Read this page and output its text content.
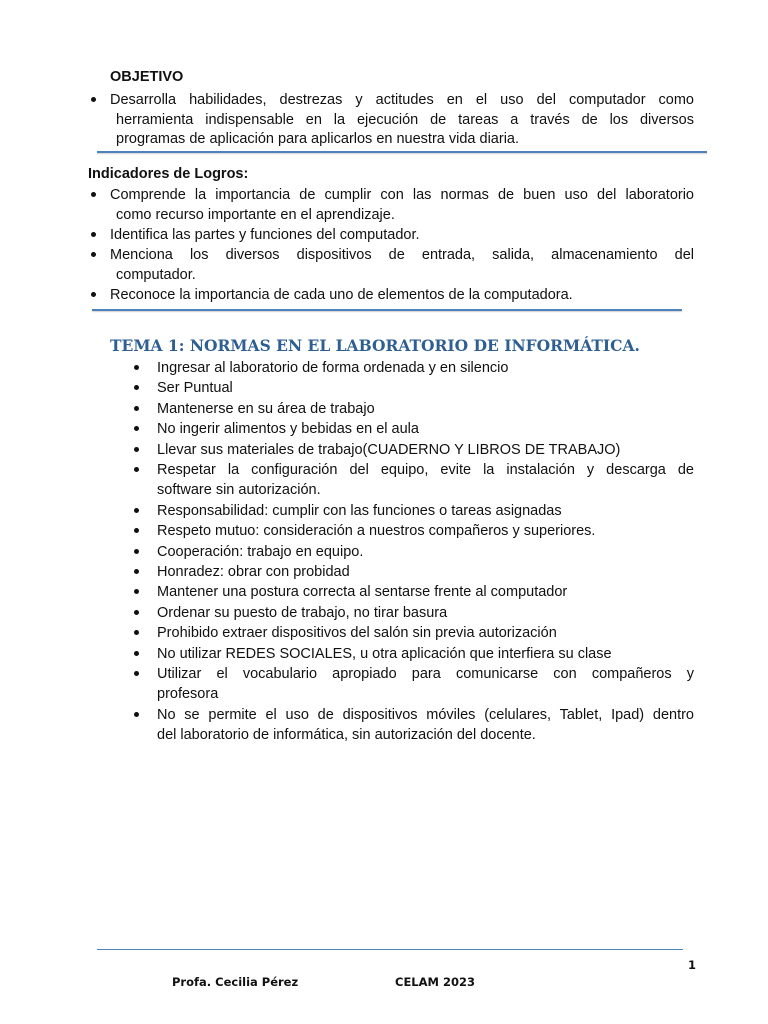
OBJETIVO
Desarrolla habilidades, destrezas y actitudes en el uso del computador como
herramienta indispensable en la ejecución de tareas a través de los diversos
programas de aplicación para aplicarlos en nuestra vida diaria.
Indicadores de Logros:
Comprende la importancia de cumplir con las normas de buen uso del laboratorio
como recurso importante en el aprendizaje.
Identifica las partes y funciones del computador.
Menciona los diversos dispositivos de entrada, salida, almacenamiento del
computador.
Reconoce la importancia de cada uno de elementos de la computadora.
TEMA 1: NORMAS EN EL LABORATORIO DE INFORMÁTICA.
Ingresar al laboratorio de forma ordenada y en silencio
Ser Puntual
Mantenerse en su área de trabajo
No ingerir alimentos y bebidas en el aula
Llevar sus materiales de trabajo(CUADERNO Y LIBROS DE TRABAJO)
Respetar la configuración del equipo, evite la instalación y descarga de
software sin autorización.
Responsabilidad: cumplir con las funciones o tareas asignadas
Respeto mutuo: consideración a nuestros compañeros y superiores.
Cooperación: trabajo en equipo.
Honradez: obrar con probidad
Mantener una postura correcta al sentarse frente al computador
Ordenar su puesto de trabajo, no tirar basura
Prohibido extraer dispositivos del salón sin previa autorización
No utilizar REDES SOCIALES, u otra aplicación que interfiera su clase
Utilizar el vocabulario apropiado para comunicarse con compañeros y
profesora
No se permite el uso de dispositivos móviles (celulares, Tablet, Ipad) dentro
del laboratorio de informática, sin autorización del docente.
1
Profa. Cecilia Pérez	CELAM 2023
